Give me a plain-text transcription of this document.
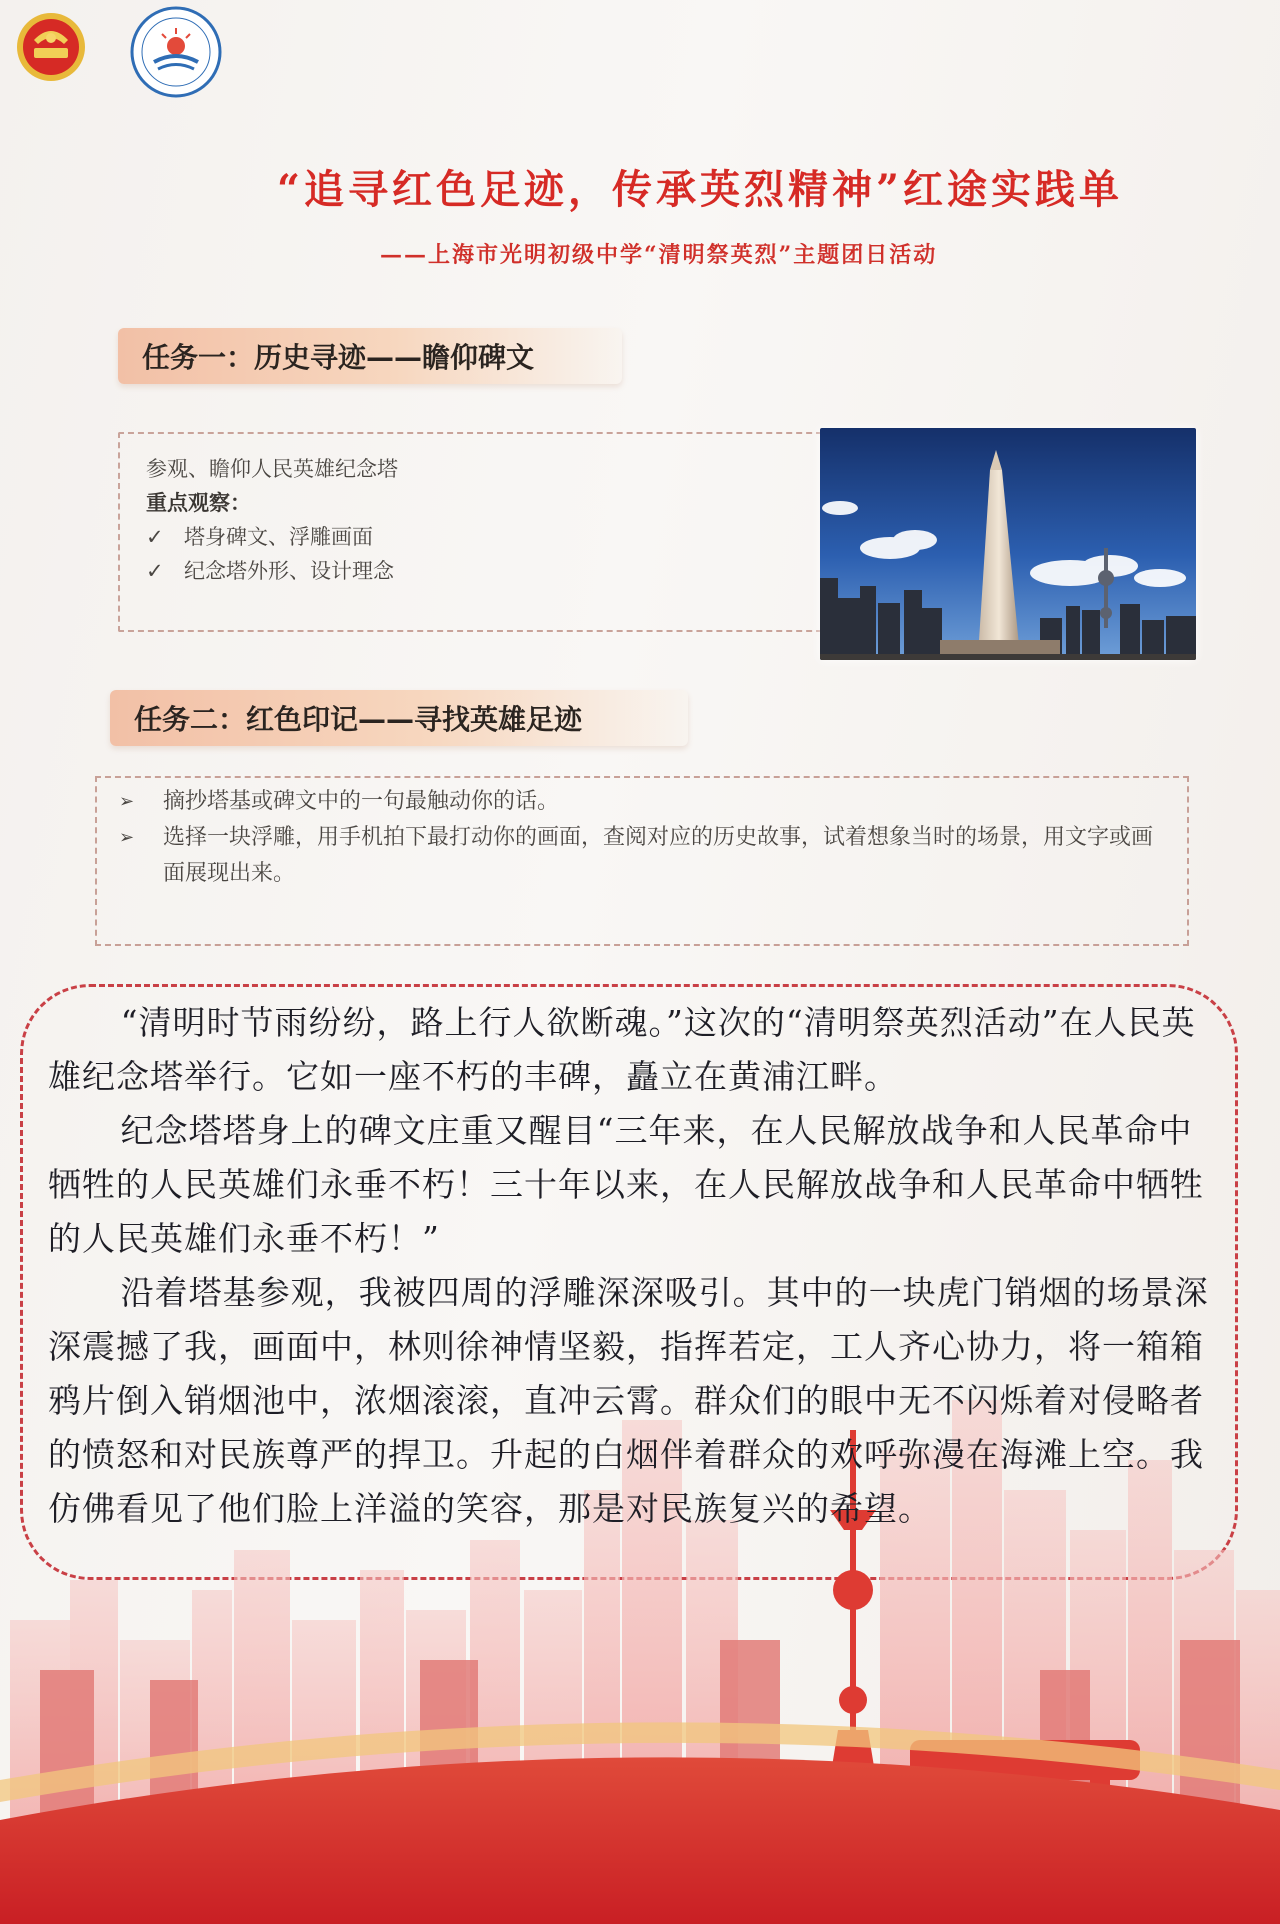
“追寻红色足迹，传承英烈精神”红途实践单
——上海市光明初级中学“清明祭英烈”主题团日活动
任务一：历史寻迹——瞻仰碑文
参观、瞻仰人民英雄纪念塔
重点观察：
✓ 塔身碑文、浮雕画面
✓ 纪念塔外形、设计理念
任务二：红色印记——寻找英雄足迹
➢	摘抄塔基或碑文中的一句最触动你的话。
➢	选择一块浮雕，用手机拍下最打动你的画面，查阅对应的历史故事，试着想象当时的场景，用文字或画面展现出来。

“清明时节雨纷纷，路上行人欲断魂。”这次的“清明祭英烈活动”在人民英雄纪念塔举行。它如一座不朽的丰碑，矗立在黄浦江畔。

纪念塔塔身上的碑文庄重又醒目“三年来，在人民解放战争和人民革命中牺牲的人民英雄们永垂不朽！三十年以来，在人民解放战争和人民革命中牺牲的人民英雄们永垂不朽！”

沿着塔基参观，我被四周的浮雕深深吸引。其中的一块虎门销烟的场景深深震撼了我，画面中，林则徐神情坚毅，指挥若定，工人齐心协力，将一箱箱鸦片倒入销烟池中，浓烟滚滚，直冲云霄。群众们的眼中无不闪烁着对侵略者的愤怒和对民族尊严的捍卫。升起的白烟伴着群众的欢呼弥漫在海滩上空。我仿佛看见了他们脸上洋溢的笑容，那是对民族复兴的希望。
